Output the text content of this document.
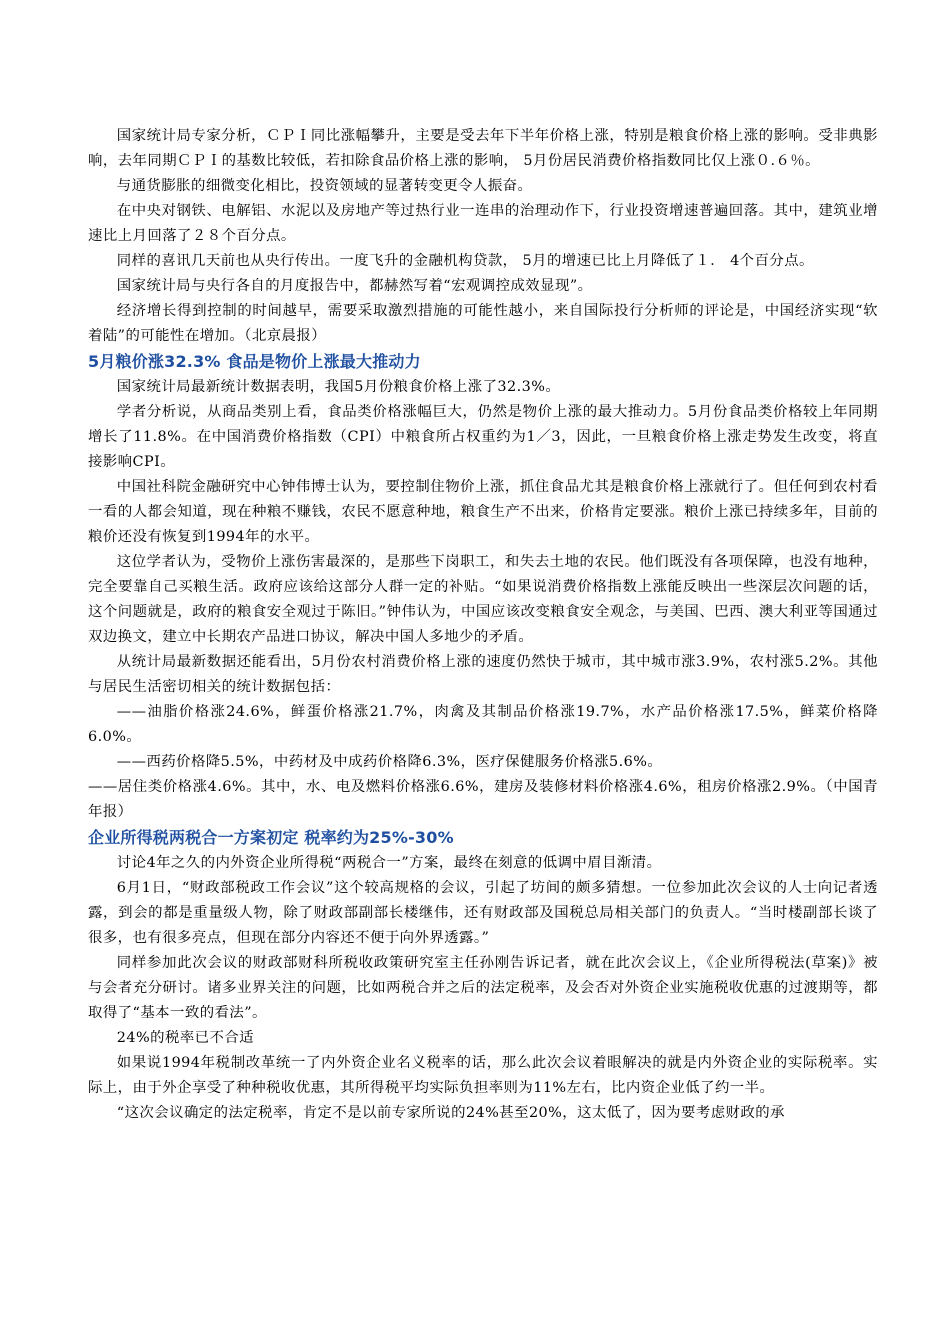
国家统计局专家分析，ＣＰＩ同比涨幅攀升，主要是受去年下半年价格上涨，特别是粮食价格上涨的影响。受非典影响，去年同期ＣＰＩ的基数比较低，若扣除食品价格上涨的影响， 5月份居民消费价格指数同比仅上涨０.６％。

与通货膨胀的细微变化相比，投资领域的显著转变更令人振奋。

在中央对钢铁、电解铝、水泥以及房地产等过热行业一连串的治理动作下，行业投资增速普遍回落。其中，建筑业增速比上月回落了２８个百分点。

同样的喜讯几天前也从央行传出。一度飞升的金融机构贷款， 5月的增速已比上月降低了１． 4个百分点。

国家统计局与央行各自的月度报告中，都赫然写着“宏观调控成效显现”。

经济增长得到控制的时间越早，需要采取激烈措施的可能性越小，来自国际投行分析师的评论是，中国经济实现“软着陆”的可能性在增加。（北京晨报）

5月粮价涨32.3% 食品是物价上涨最大推动力

国家统计局最新统计数据表明，我国5月份粮食价格上涨了32.3%。

学者分析说，从商品类别上看，食品类价格涨幅巨大，仍然是物价上涨的最大推动力。5月份食品类价格较上年同期增长了11.8%。在中国消费价格指数（CPI）中粮食所占权重约为1／3，因此，一旦粮食价格上涨走势发生改变，将直接影响CPI。

中国社科院金融研究中心钟伟博士认为，要控制住物价上涨，抓住食品尤其是粮食价格上涨就行了。但任何到农村看一看的人都会知道，现在种粮不赚钱，农民不愿意种地，粮食生产不出来，价格肯定要涨。粮价上涨已持续多年，目前的粮价还没有恢复到1994年的水平。

这位学者认为，受物价上涨伤害最深的，是那些下岗职工，和失去土地的农民。他们既没有各项保障，也没有地种，完全要靠自己买粮生活。政府应该给这部分人群一定的补贴。“如果说消费价格指数上涨能反映出一些深层次问题的话，这个问题就是，政府的粮食安全观过于陈旧。”钟伟认为，中国应该改变粮食安全观念，与美国、巴西、澳大利亚等国通过双边换文，建立中长期农产品进口协议，解决中国人多地少的矛盾。

从统计局最新数据还能看出，5月份农村消费价格上涨的速度仍然快于城市，其中城市涨3.9%，农村涨5.2%。其他与居民生活密切相关的统计数据包括：

——油脂价格涨24.6%，鲜蛋价格涨21.7%，肉禽及其制品价格涨19.7%，水产品价格涨17.5%，鲜菜价格降6.0%。

——西药价格降5.5%，中药材及中成药价格降6.3%，医疗保健服务价格涨5.6%。

——居住类价格涨4.6%。其中，水、电及燃料价格涨6.6%，建房及装修材料价格涨4.6%，租房价格涨2.9%。（中国青年报）

企业所得税两税合一方案初定 税率约为25%-30%

讨论4年之久的内外资企业所得税“两税合一”方案，最终在刻意的低调中眉目渐清。

6月1日，“财政部税政工作会议”这个较高规格的会议，引起了坊间的颇多猜想。一位参加此次会议的人士向记者透露，到会的都是重量级人物，除了财政部副部长楼继伟，还有财政部及国税总局相关部门的负责人。“当时楼副部长谈了很多，也有很多亮点，但现在部分内容还不便于向外界透露。”

同样参加此次会议的财政部财科所税收政策研究室主任孙刚告诉记者，就在此次会议上，《企业所得税法(草案)》被与会者充分研讨。诸多业界关注的问题，比如两税合并之后的法定税率，及会否对外资企业实施税收优惠的过渡期等，都取得了“基本一致的看法”。

24%的税率已不合适

如果说1994年税制改革统一了内外资企业名义税率的话，那么此次会议着眼解决的就是内外资企业的实际税率。实际上，由于外企享受了种种税收优惠，其所得税平均实际负担率则为11%左右，比内资企业低了约一半。

“这次会议确定的法定税率，肯定不是以前专家所说的24%甚至20%，这太低了，因为要考虑财政的承
